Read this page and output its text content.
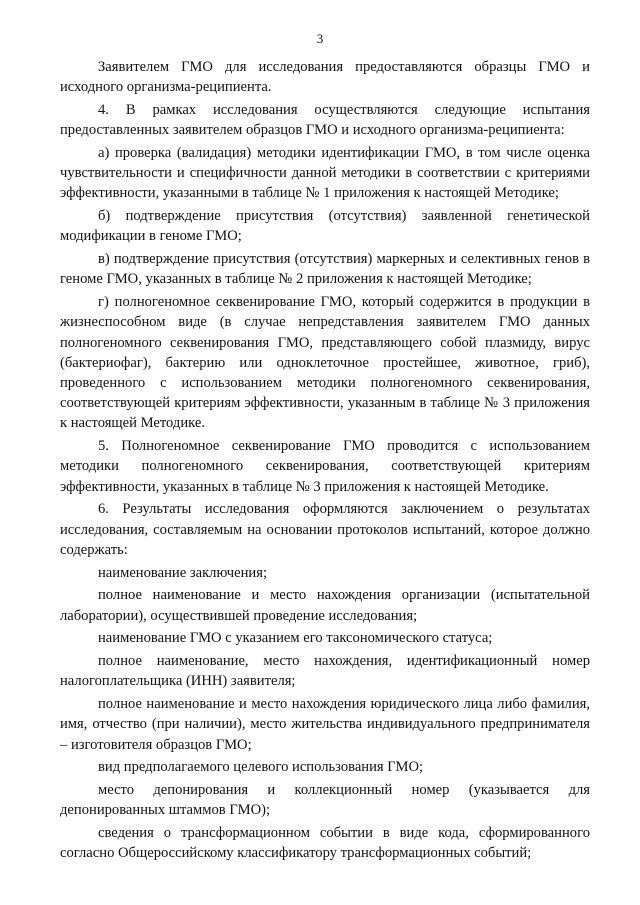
3

Заявителем ГМО для исследования предоставляются образцы ГМО и исходного организма-реципиента.

4. В рамках исследования осуществляются следующие испытания предоставленных заявителем образцов ГМО и исходного организма-реципиента:

а) проверка (валидация) методики идентификации ГМО, в том числе оценка чувствительности и специфичности данной методики в соответствии с критериями эффективности, указанными в таблице № 1 приложения к настоящей Методике;

б) подтверждение присутствия (отсутствия) заявленной генетической модификации в геноме ГМО;

в) подтверждение присутствия (отсутствия) маркерных и селективных генов в геноме ГМО, указанных в таблице № 2 приложения к настоящей Методике;

г) полногеномное секвенирование ГМО, который содержится в продукции в жизнеспособном виде (в случае непредставления заявителем ГМО данных полногеномного секвенирования ГМО, представляющего собой плазмиду, вирус (бактериофаг), бактерию или одноклеточное простейшее, животное, гриб), проведенного с использованием методики полногеномного секвенирования, соответствующей критериям эффективности, указанным в таблице № 3 приложения к настоящей Методике.

5. Полногеномное секвенирование ГМО проводится с использованием методики полногеномного секвенирования, соответствующей критериям эффективности, указанных в таблице № 3 приложения к настоящей Методике.

6. Результаты исследования оформляются заключением о результатах исследования, составляемым на основании протоколов испытаний, которое должно содержать:

наименование заключения;

полное наименование и место нахождения организации (испытательной лаборатории), осуществившей проведение исследования;

наименование ГМО с указанием его таксономического статуса;

полное наименование, место нахождения, идентификационный номер налогоплательщика (ИНН) заявителя;

полное наименование и место нахождения юридического лица либо фамилия, имя, отчество (при наличии), место жительства индивидуального предпринимателя – изготовителя образцов ГМО;

вид предполагаемого целевого использования ГМО;

место депонирования и коллекционный номер (указывается для депонированных штаммов ГМО);

сведения о трансформационном событии в виде кода, сформированного согласно Общероссийскому классификатору трансформационных событий;
